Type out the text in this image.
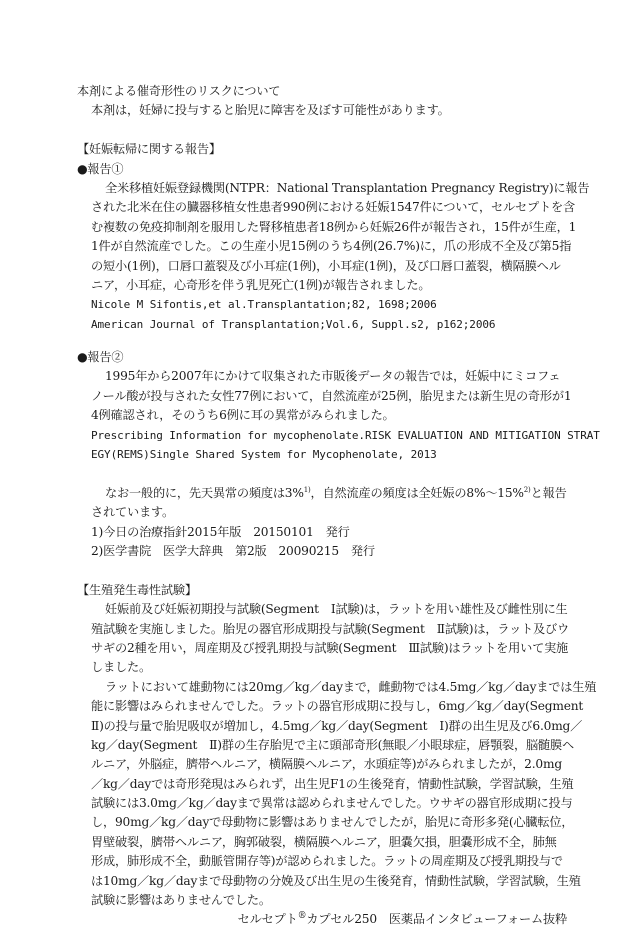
本剤による催奇形性のリスクについて
本剤は，妊婦に投与すると胎児に障害を及ぼす可能性があります。
【妊娠転帰に関する報告】
●報告①
全米移植妊娠登録機関(NTPR：National Transplantation Pregnancy Registry)に報告
された北米在住の臓器移植女性患者990例における妊娠1547件について，セルセプトを含
む複数の免疫抑制剤を服用した腎移植患者18例から妊娠26件が報告され，15件が生産，1
1件が自然流産でした。この生産小児15例のうち4例(26.7%)に，爪の形成不全及び第5指
の短小(1例)，口唇口蓋裂及び小耳症(1例)，小耳症(1例)，及び口唇口蓋裂，横隔膜ヘル
ニア，小耳症，心奇形を伴う乳児死亡(1例)が報告されました。
Nicole M Sifontis,et al.Transplantation;82, 1698;2006
American Journal of Transplantation;Vol.6, Suppl.s2, p162;2006
●報告②
1995年から2007年にかけて収集された市販後データの報告では，妊娠中にミコフェ
ノール酸が投与された女性77例において，自然流産が25例，胎児または新生児の奇形が1
4例確認され，そのうち6例に耳の異常がみられました。
Prescribing Information for mycophenolate.RISK EVALUATION AND MITIGATION STRAT
EGY(REMS)Single Shared System for Mycophenolate, 2013
なお一般的に，先天異常の頻度は3%$^{1)}$，自然流産の頻度は全妊娠の8%～15%$^{2)}$と報告
されています。
1)今日の治療指針2015年版　20150101　発行
2)医学書院　医学大辞典　第2版　20090215　発行
【生殖発生毒性試験】
妊娠前及び妊娠初期投与試験(Segment　Ⅰ試験)は，ラットを用い雄性及び雌性別に生
殖試験を実施しました。胎児の器官形成期投与試験(Segment　Ⅱ試験)は，ラット及びウ
サギの2種を用い，周産期及び授乳期投与試験(Segment　Ⅲ試験)はラットを用いて実施
しました。
ラットにおいて雄動物には20mg／kg／dayまで，雌動物では4.5mg／kg／dayまでは生殖
能に影響はみられませんでした。ラットの器官形成期に投与し，6mg／kg／day(Segment
Ⅱ)の投与量で胎児吸収が増加し，4.5mg／kg／day(Segment　Ⅰ)群の出生児及び6.0mg／
kg／day(Segment　Ⅱ)群の生存胎児で主に頭部奇形(無眼／小眼球症，唇顎裂，脳髄膜ヘ
ルニア，外脳症，臍帯ヘルニア，横隔膜ヘルニア，水頭症等)がみられましたが，2.0mg
／kg／dayでは奇形発現はみられず，出生児F1の生後発育，情動性試験，学習試験，生殖
試験には3.0mg／kg／dayまで異常は認められませんでした。ウサギの器官形成期に投与
し，90mg／kg／dayで母動物に影響はありませんでしたが，胎児に奇形多発(心臓転位，
胃壁破裂，臍帯ヘルニア，胸郭破裂，横隔膜ヘルニア，胆嚢欠損，胆嚢形成不全，肺無
形成，肺形成不全，動脈管開存等)が認められました。ラットの周産期及び授乳期投与で
は10mg／kg／dayまで母動物の分娩及び出生児の生後発育，情動性試験，学習試験，生殖
試験に影響はありませんでした。
セルセプト®カプセル250　医薬品インタビューフォーム抜粋
